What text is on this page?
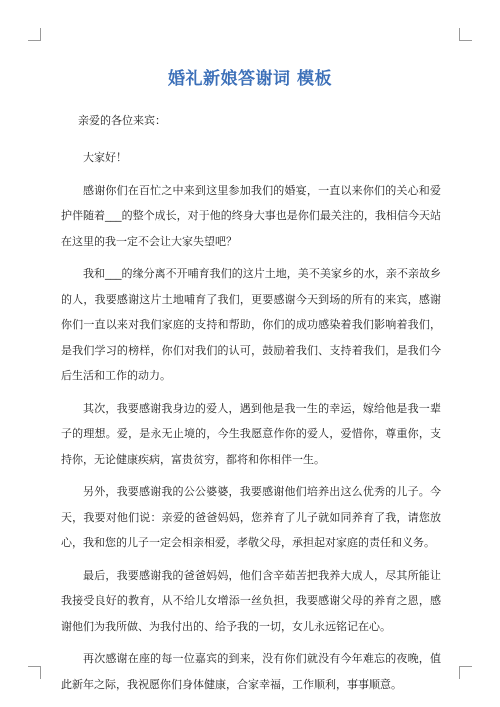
婚礼新娘答谢词 模板
亲爱的各位来宾：

大家好！

感谢你们在百忙之中来到这里参加我们的婚宴，一直以来你们的关心和爱护伴随着___的整个成长，对于他的终身大事也是你们最关注的，我相信今天站在这里的我一定不会让大家失望吧？

我和___的缘分离不开哺育我们的这片土地，美不美家乡的水，亲不亲故乡的人，我要感谢这片土地哺育了我们，更要感谢今天到场的所有的来宾，感谢你们一直以来对我们家庭的支持和帮助，你们的成功感染着我们影响着我们，是我们学习的榜样，你们对我们的认可，鼓励着我们、支持着我们，是我们今后生活和工作的动力。

其次，我要感谢我身边的爱人，遇到他是我一生的幸运，嫁给他是我一辈子的理想。爱，是永无止境的，今生我愿意作你的爱人，爱惜你，尊重你，支持你，无论健康疾病，富贵贫穷，都将和你相伴一生。

另外，我要感谢我的公公婆婆，我要感谢他们培养出这么优秀的儿子。今天，我要对他们说：亲爱的爸爸妈妈，您养育了儿子就如同养育了我，请您放心，我和您的儿子一定会相亲相爱，孝敬父母，承担起对家庭的责任和义务。

最后，我要感谢我的爸爸妈妈，他们含辛茹苦把我养大成人，尽其所能让我接受良好的教育，从不给儿女增添一丝负担，我要感谢父母的养育之恩，感谢他们为我所做、为我付出的、给予我的一切，女儿永远铭记在心。

再次感谢在座的每一位嘉宾的到来，没有你们就没有今年难忘的夜晚，值此新年之际，我祝愿你们身体健康，合家幸福，工作顺利，事事顺意。
